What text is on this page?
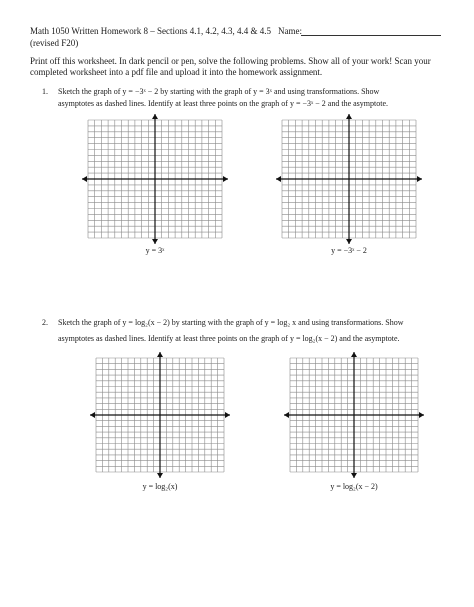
Math 1050 Written Homework 8 – Sections 4.1, 4.2, 4.3, 4.4 & 4.5 Name:
(revised F20)
Print off this worksheet. In dark pencil or pen, solve the following problems. Show all of your work! Scan your
completed worksheet into a pdf file and upload it into the homework assignment.
1. Sketch the graph of y = −3ˣ − 2 by starting with the graph of y = 3ˣ and using transformations. Show
asymptotes as dashed lines. Identify at least three points on the graph of y = −3ˣ − 2 and the asymptote.
y = 3ˣ	y = −3ˣ − 2
2. Sketch the graph of y = log₂(x − 2) by starting with the graph of y = log₂ x and using transformations. Show
asymptotes as dashed lines. Identify at least three points on the graph of y = log₂(x − 2) and the asymptote.
y = log₂(x)	y = log₂(x − 2)
